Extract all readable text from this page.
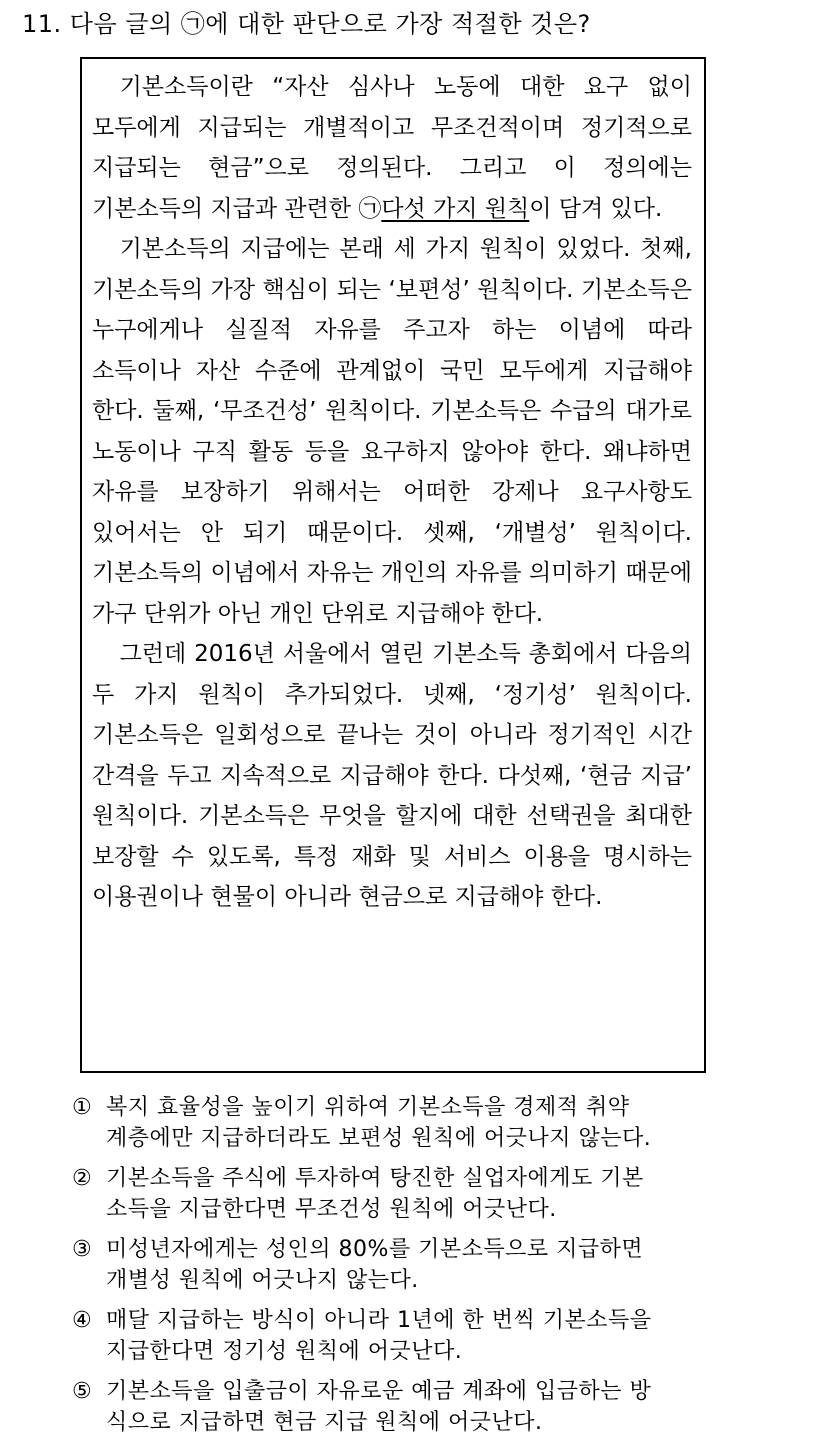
11. 다음 글의 ㉠에 대한 판단으로 가장 적절한 것은?

기본소득이란 “자산 심사나 노동에 대한 요구 없이 모두에게 지급되는 개별적이고 무조건적이며 정기적으로 지급되는 현금”으로 정의된다. 그리고 이 정의에는 기본소득의 지급과 관련한 ㉠다섯 가지 원칙이 담겨 있다.

기본소득의 지급에는 본래 세 가지 원칙이 있었다. 첫째, 기본소득의 가장 핵심이 되는 ‘보편성’ 원칙이다. 기본소득은 누구에게나 실질적 자유를 주고자 하는 이념에 따라 소득이나 자산 수준에 관계없이 국민 모두에게 지급해야 한다. 둘째, ‘무조건성’ 원칙이다. 기본소득은 수급의 대가로 노동이나 구직 활동 등을 요구하지 않아야 한다. 왜냐하면 자유를 보장하기 위해서는 어떠한 강제나 요구사항도 있어서는 안 되기 때문이다. 셋째, ‘개별성’ 원칙이다. 기본소득의 이념에서 자유는 개인의 자유를 의미하기 때문에 가구 단위가 아닌 개인 단위로 지급해야 한다.

그런데 2016년 서울에서 열린 기본소득 총회에서 다음의 두 가지 원칙이 추가되었다. 넷째, ‘정기성’ 원칙이다. 기본소득은 일회성으로 끝나는 것이 아니라 정기적인 시간 간격을 두고 지속적으로 지급해야 한다. 다섯째, ‘현금 지급’ 원칙이다. 기본소득은 무엇을 할지에 대한 선택권을 최대한 보장할 수 있도록, 특정 재화 및 서비스 이용을 명시하는 이용권이나 현물이 아니라 현금으로 지급해야 한다.

① 복지 효율성을 높이기 위하여 기본소득을 경제적 취약
계층에만 지급하더라도 보편성 원칙에 어긋나지 않는다.
② 기본소득을 주식에 투자하여 탕진한 실업자에게도 기본
소득을 지급한다면 무조건성 원칙에 어긋난다.
③ 미성년자에게는 성인의 80%를 기본소득으로 지급하면
개별성 원칙에 어긋나지 않는다.
④ 매달 지급하는 방식이 아니라 1년에 한 번씩 기본소득을
지급한다면 정기성 원칙에 어긋난다.
⑤ 기본소득을 입출금이 자유로운 예금 계좌에 입금하는 방
식으로 지급하면 현금 지급 원칙에 어긋난다.
